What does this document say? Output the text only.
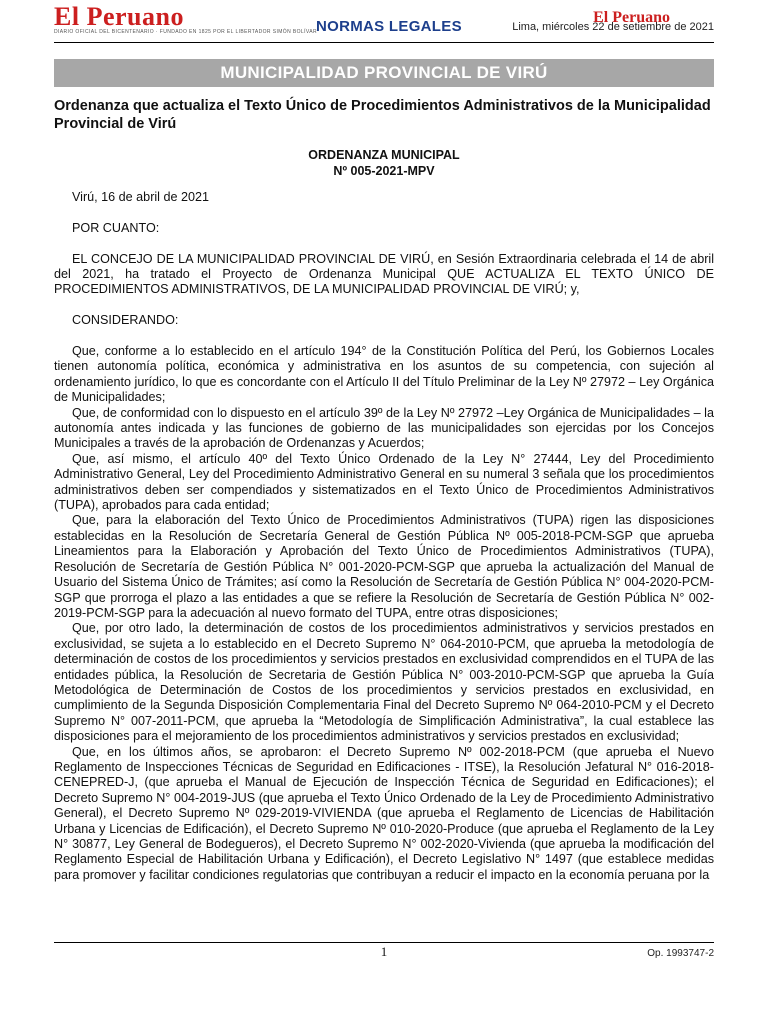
El Peruano
DIARIO OFICIAL DEL BICENTENARIO · FUNDADO EN 1825 POR EL LIBERTADOR SIMÓN BOLÍVAR
NORMAS LEGALES
El Peruano
Lima, miércoles 22 de setiembre de 2021
MUNICIPALIDAD PROVINCIAL DE VIRÚ
Ordenanza que actualiza el Texto Único de Procedimientos Administrativos de la Municipalidad Provincial de Virú
ORDENANZA MUNICIPAL
Nº 005-2021-MPV

Virú, 16 de abril de 2021

POR CUANTO:

EL CONCEJO DE LA MUNICIPALIDAD PROVINCIAL DE VIRÚ, en Sesión Extraordinaria celebrada el 14 de abril del 2021, ha tratado el Proyecto de Ordenanza Municipal QUE ACTUALIZA EL TEXTO ÚNICO DE PROCEDIMIENTOS ADMINISTRATIVOS, DE LA MUNICIPALIDAD PROVINCIAL DE VIRÚ; y,

CONSIDERANDO:

Que, conforme a lo establecido en el artículo 194° de la Constitución Política del Perú, los Gobiernos Locales tienen autonomía política, económica y administrativa en los asuntos de su competencia, con sujeción al ordenamiento jurídico, lo que es concordante con el Artículo II del Título Preliminar de la Ley Nº 27972 – Ley Orgánica de Municipalidades;

Que, de conformidad con lo dispuesto en el artículo 39º de la Ley Nº 27972 –Ley Orgánica de Municipalidades – la autonomía antes indicada y las funciones de gobierno de las municipalidades son ejercidas por los Concejos Municipales a través de la aprobación de Ordenanzas y Acuerdos;

Que, así mismo, el artículo 40º del Texto Único Ordenado de la Ley N° 27444, Ley del Procedimiento Administrativo General, Ley del Procedimiento Administrativo General en su numeral 3 señala que los procedimientos administrativos deben ser compendiados y sistematizados en el Texto Único de Procedimientos Administrativos (TUPA), aprobados para cada entidad;

Que, para la elaboración del Texto Único de Procedimientos Administrativos (TUPA) rigen las disposiciones establecidas en la Resolución de Secretaría General de Gestión Pública Nº 005-2018-PCM-SGP que aprueba Lineamientos para la Elaboración y Aprobación del Texto Único de Procedimientos Administrativos (TUPA), Resolución de Secretaría de Gestión Pública N° 001-2020-PCM-SGP que aprueba la actualización del Manual de Usuario del Sistema Único de Trámites; así como la Resolución de Secretaría de Gestión Pública N° 004-2020-PCM-SGP que prorroga el plazo a las entidades a que se refiere la Resolución de Secretaría de Gestión Pública N° 002-2019-PCM-SGP para la adecuación al nuevo formato del TUPA, entre otras disposiciones;

Que, por otro lado, la determinación de costos de los procedimientos administrativos y servicios prestados en exclusividad, se sujeta a lo establecido en el Decreto Supremo N° 064-2010-PCM, que aprueba la metodología de determinación de costos de los procedimientos y servicios prestados en exclusividad comprendidos en el TUPA de las entidades pública, la Resolución de Secretaria de Gestión Pública N° 003-2010-PCM-SGP que aprueba la Guía Metodológica de Determinación de Costos de los procedimientos y servicios prestados en exclusividad, en cumplimiento de la Segunda Disposición Complementaria Final del Decreto Supremo Nº 064-2010-PCM y el Decreto Supremo N° 007-2011-PCM, que aprueba la “Metodología de Simplificación Administrativa”, la cual establece las disposiciones para el mejoramiento de los procedimientos administrativos y servicios prestados en exclusividad;

Que, en los últimos años, se aprobaron: el Decreto Supremo Nº 002-2018-PCM (que aprueba el Nuevo Reglamento de Inspecciones Técnicas de Seguridad en Edificaciones - ITSE), la Resolución Jefatural N° 016-2018-CENEPRED-J, (que aprueba el Manual de Ejecución de Inspección Técnica de Seguridad en Edificaciones); el Decreto Supremo N° 004-2019-JUS (que aprueba el Texto Único Ordenado de la Ley de Procedimiento Administrativo General), el Decreto Supremo Nº 029-2019-VIVIENDA (que aprueba el Reglamento de Licencias de Habilitación Urbana y Licencias de Edificación), el Decreto Supremo Nº 010-2020-Produce (que aprueba el Reglamento de la Ley N° 30877, Ley General de Bodegueros), el Decreto Supremo N° 002-2020-Vivienda (que aprueba la modificación del Reglamento Especial de Habilitación Urbana y Edificación), el Decreto Legislativo N° 1497 (que establece medidas para promover y facilitar condiciones regulatorias que contribuyan a reducir el impacto en la economía peruana por la

1	Op. 1993747-2
